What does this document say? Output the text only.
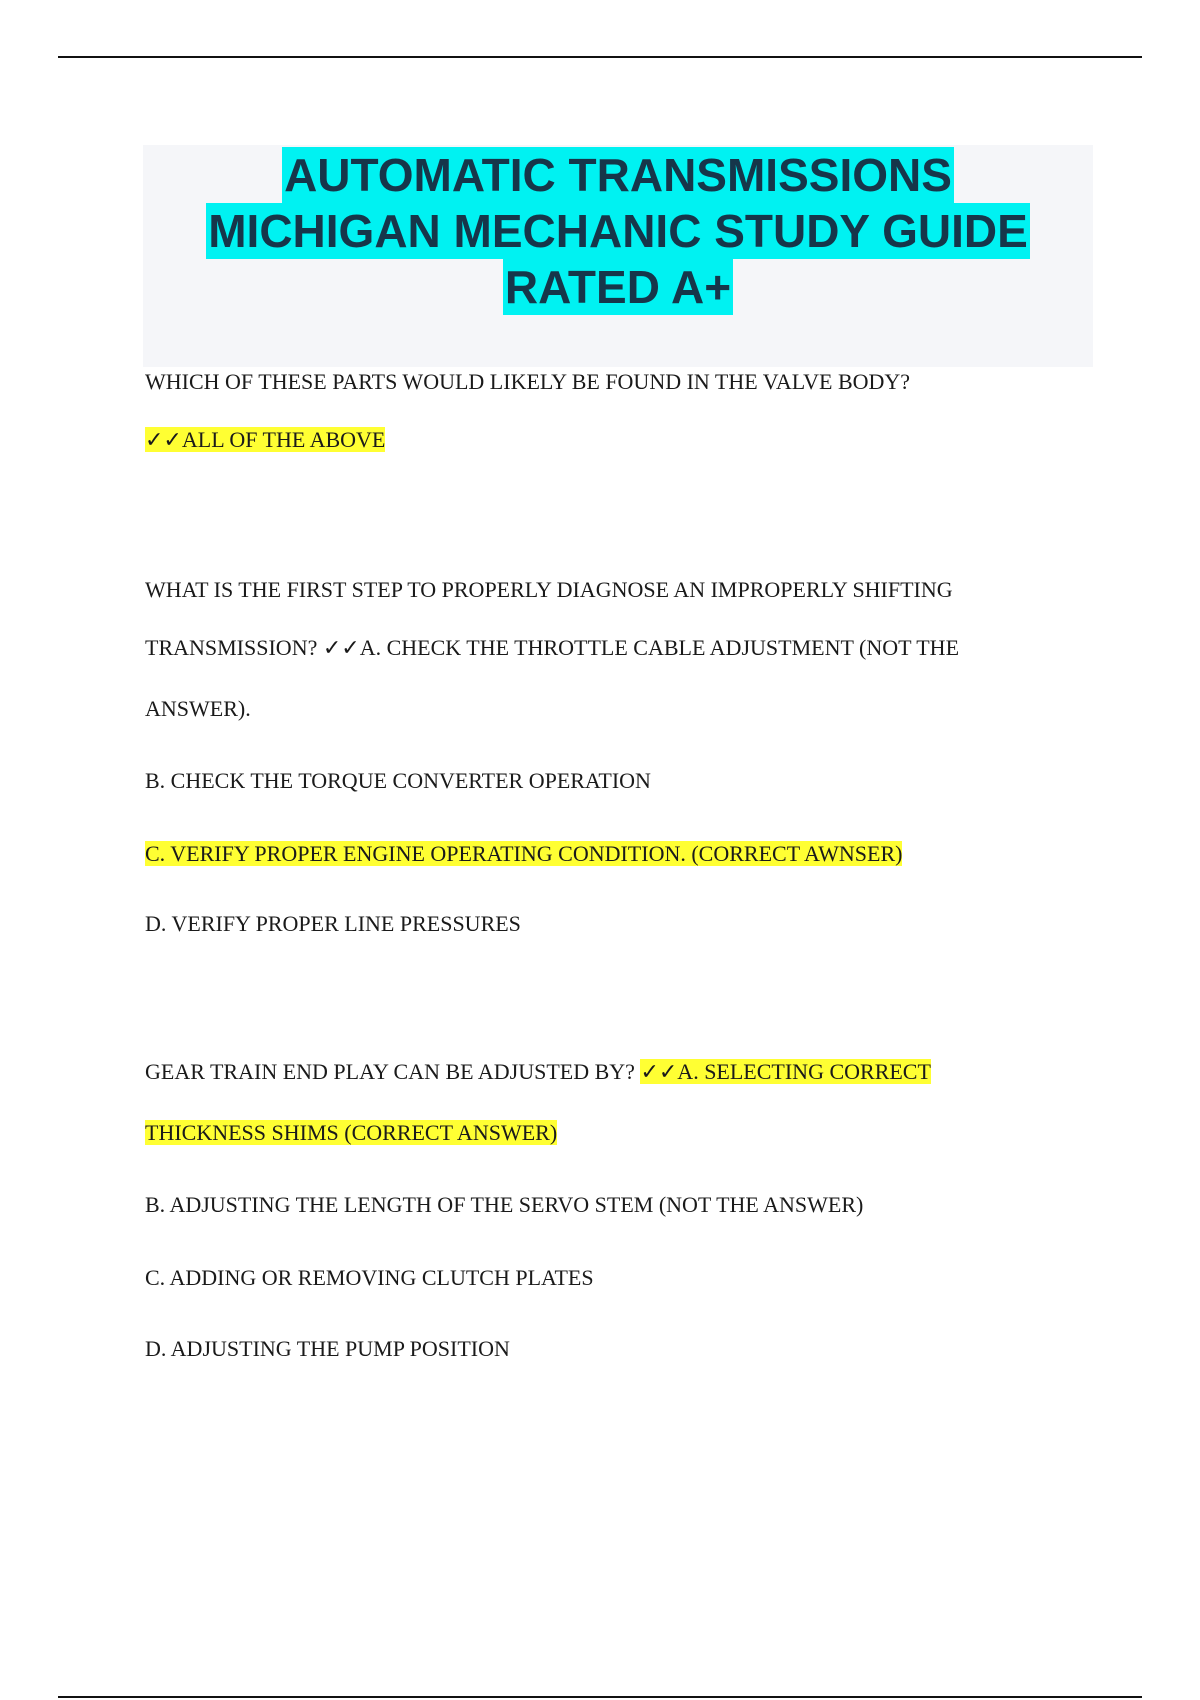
AUTOMATIC TRANSMISSIONS
MICHIGAN MECHANIC STUDY GUIDE
RATED A+
WHICH OF THESE PARTS WOULD LIKELY BE FOUND IN THE VALVE BODY?
✓✓ALL OF THE ABOVE
WHAT IS THE FIRST STEP TO PROPERLY DIAGNOSE AN IMPROPERLY SHIFTING
TRANSMISSION? ✓✓A. CHECK THE THROTTLE CABLE ADJUSTMENT (NOT THE
ANSWER).
B. CHECK THE TORQUE CONVERTER OPERATION
C. VERIFY PROPER ENGINE OPERATING CONDITION. (CORRECT AWNSER)
D. VERIFY PROPER LINE PRESSURES
GEAR TRAIN END PLAY CAN BE ADJUSTED BY? ✓✓A. SELECTING CORRECT
THICKNESS SHIMS (CORRECT ANSWER)
B. ADJUSTING THE LENGTH OF THE SERVO STEM (NOT THE ANSWER)
C. ADDING OR REMOVING CLUTCH PLATES
D. ADJUSTING THE PUMP POSITION
